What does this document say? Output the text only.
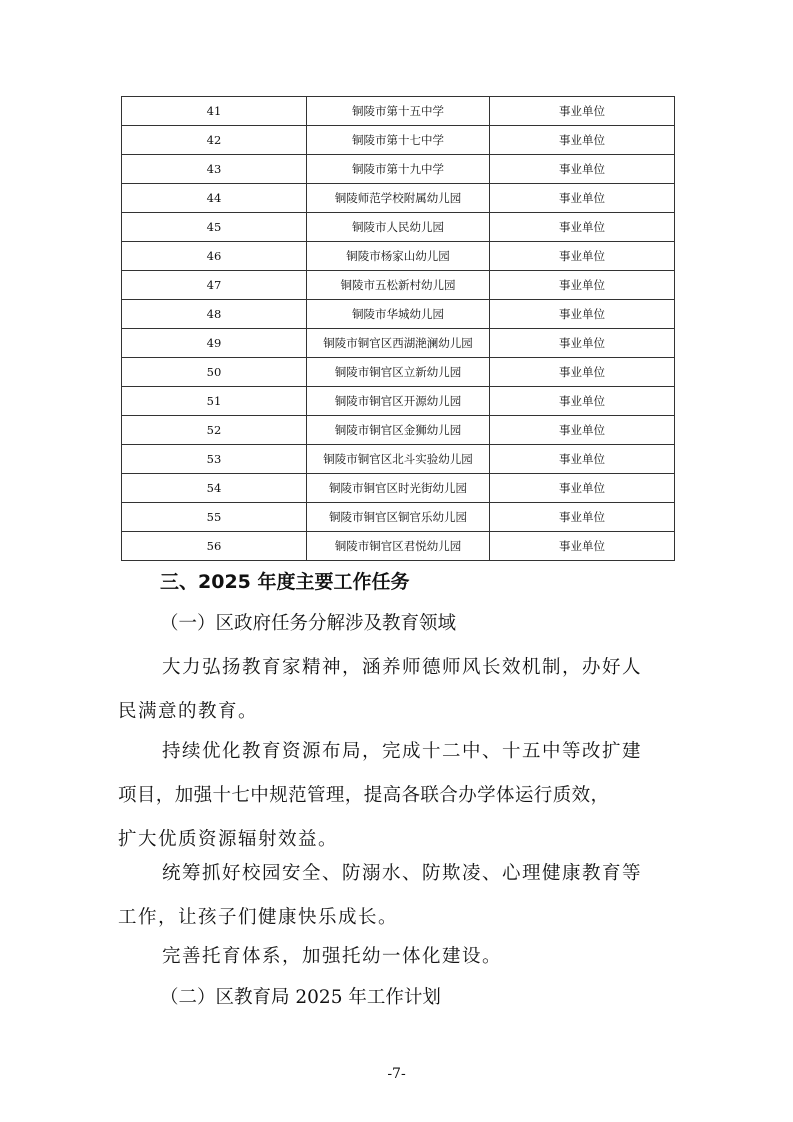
41	铜陵市第十五中学	事业单位
42	铜陵市第十七中学	事业单位
43	铜陵市第十九中学	事业单位
44	铜陵师范学校附属幼儿园	事业单位
45	铜陵市人民幼儿园	事业单位
46	铜陵市杨家山幼儿园	事业单位
47	铜陵市五松新村幼儿园	事业单位
48	铜陵市华城幼儿园	事业单位
49	铜陵市铜官区西湖滟澜幼儿园	事业单位
50	铜陵市铜官区立新幼儿园	事业单位
51	铜陵市铜官区开源幼儿园	事业单位
52	铜陵市铜官区金狮幼儿园	事业单位
53	铜陵市铜官区北斗实验幼儿园	事业单位
54	铜陵市铜官区时光街幼儿园	事业单位
55	铜陵市铜官区铜官乐幼儿园	事业单位
56	铜陵市铜官区君悦幼儿园	事业单位
三、2025 年度主要工作任务
（一）区政府任务分解涉及教育领域
大力弘扬教育家精神，涵养师德师风长效机制，办好人
民满意的教育。
持续优化教育资源布局，完成十二中、十五中等改扩建
项目，加强十七中规范管理，提高各联合办学体运行质效，
扩大优质资源辐射效益。
统筹抓好校园安全、防溺水、防欺凌、心理健康教育等
工作，让孩子们健康快乐成长。
完善托育体系，加强托幼一体化建设。
（二）区教育局 2025 年工作计划
-7-
